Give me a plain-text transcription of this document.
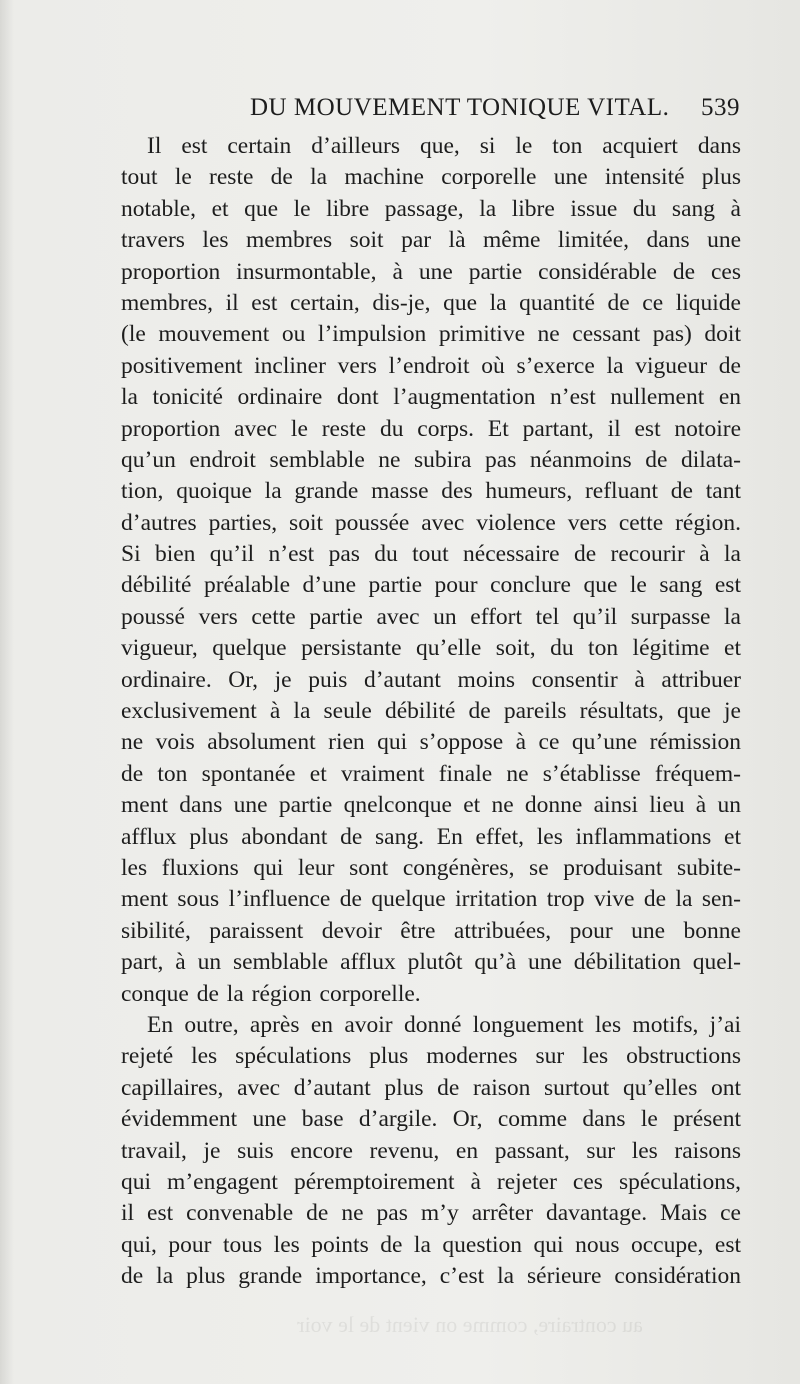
DU MOUVEMENT TONIQUE VITAL. 539
Il est certain d’ailleurs que, si le ton acquiert dans
tout le reste de la machine corporelle une intensité plus
notable, et que le libre passage, la libre issue du sang à
travers les membres soit par là même limitée, dans une
proportion insurmontable, à une partie considérable de ces
membres, il est certain, dis-je, que la quantité de ce liquide
(le mouvement ou l’impulsion primitive ne cessant pas) doit
positivement incliner vers l’endroit où s’exerce la vigueur de
la tonicité ordinaire dont l’augmentation n’est nullement en
proportion avec le reste du corps. Et partant, il est notoire
qu’un endroit semblable ne subira pas néanmoins de dilata-
tion, quoique la grande masse des humeurs, refluant de tant
d’autres parties, soit poussée avec violence vers cette région.
Si bien qu’il n’est pas du tout nécessaire de recourir à la
débilité préalable d’une partie pour conclure que le sang est
poussé vers cette partie avec un effort tel qu’il surpasse la
vigueur, quelque persistante qu’elle soit, du ton légitime et
ordinaire. Or, je puis d’autant moins consentir à attribuer
exclusivement à la seule débilité de pareils résultats, que je
ne vois absolument rien qui s’oppose à ce qu’une rémission
de ton spontanée et vraiment finale ne s’établisse fréquem-
ment dans une partie qnelconque et ne donne ainsi lieu à un
afflux plus abondant de sang. En effet, les inflammations et
les fluxions qui leur sont congénères, se produisant subite-
ment sous l’influence de quelque irritation trop vive de la sen-
sibilité, paraissent devoir être attribuées, pour une bonne
part, à un semblable afflux plutôt qu’à une débilitation quel-
conque de la région corporelle.
En outre, après en avoir donné longuement les motifs, j’ai
rejeté les spéculations plus modernes sur les obstructions
capillaires, avec d’autant plus de raison surtout qu’elles ont
évidemment une base d’argile. Or, comme dans le présent
travail, je suis encore revenu, en passant, sur les raisons
qui m’engagent péremptoirement à rejeter ces spéculations,
il est convenable de ne pas m’y arrêter davantage. Mais ce
qui, pour tous les points de la question qui nous occupe, est
de la plus grande importance, c’est la sérieure considération
au contraire, comme on vient de le voir
